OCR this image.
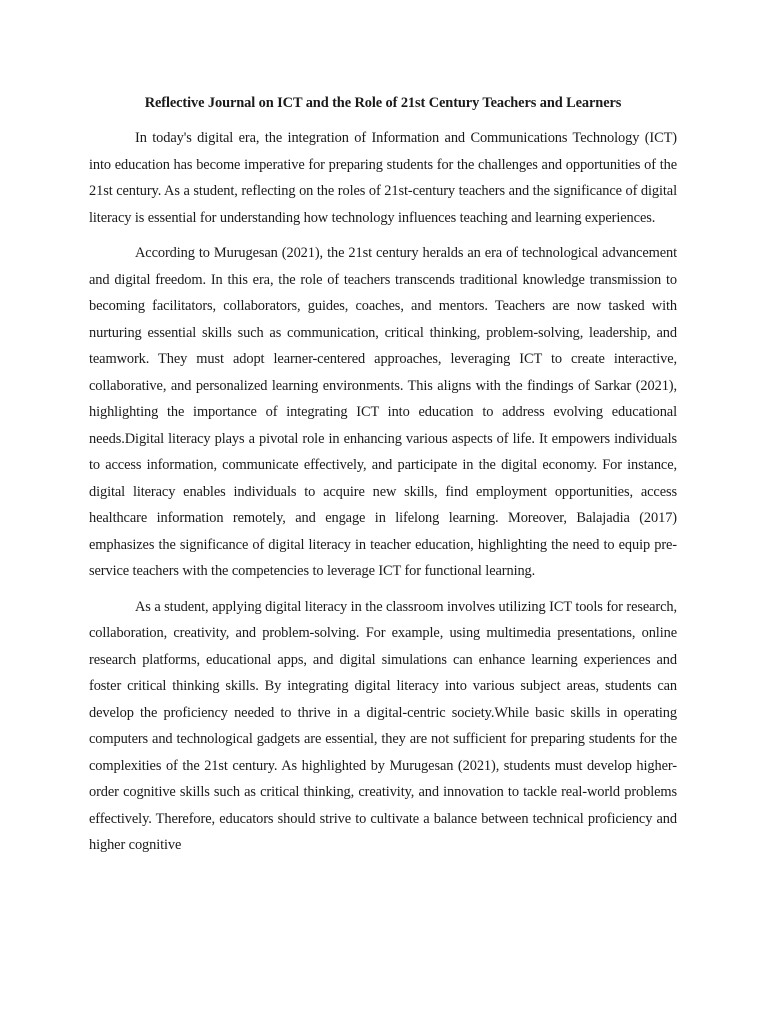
Reflective Journal on ICT and the Role of 21st Century Teachers and Learners

In today's digital era, the integration of Information and Communications Technology (ICT) into education has become imperative for preparing students for the challenges and opportunities of the 21st century. As a student, reflecting on the roles of 21st-century teachers and the significance of digital literacy is essential for understanding how technology influences teaching and learning experiences.

According to Murugesan (2021), the 21st century heralds an era of technological advancement and digital freedom. In this era, the role of teachers transcends traditional knowledge transmission to becoming facilitators, collaborators, guides, coaches, and mentors. Teachers are now tasked with nurturing essential skills such as communication, critical thinking, problem-solving, leadership, and teamwork. They must adopt learner-centered approaches, leveraging ICT to create interactive, collaborative, and personalized learning environments. This aligns with the findings of Sarkar (2021), highlighting the importance of integrating ICT into education to address evolving educational needs.Digital literacy plays a pivotal role in enhancing various aspects of life. It empowers individuals to access information, communicate effectively, and participate in the digital economy. For instance, digital literacy enables individuals to acquire new skills, find employment opportunities, access healthcare information remotely, and engage in lifelong learning. Moreover, Balajadia (2017) emphasizes the significance of digital literacy in teacher education, highlighting the need to equip pre-service teachers with the competencies to leverage ICT for functional learning.

As a student, applying digital literacy in the classroom involves utilizing ICT tools for research, collaboration, creativity, and problem-solving. For example, using multimedia presentations, online research platforms, educational apps, and digital simulations can enhance learning experiences and foster critical thinking skills. By integrating digital literacy into various subject areas, students can develop the proficiency needed to thrive in a digital-centric society.While basic skills in operating computers and technological gadgets are essential, they are not sufficient for preparing students for the complexities of the 21st century. As highlighted by Murugesan (2021), students must develop higher-order cognitive skills such as critical thinking, creativity, and innovation to tackle real-world problems effectively. Therefore, educators should strive to cultivate a balance between technical proficiency and higher cognitive
